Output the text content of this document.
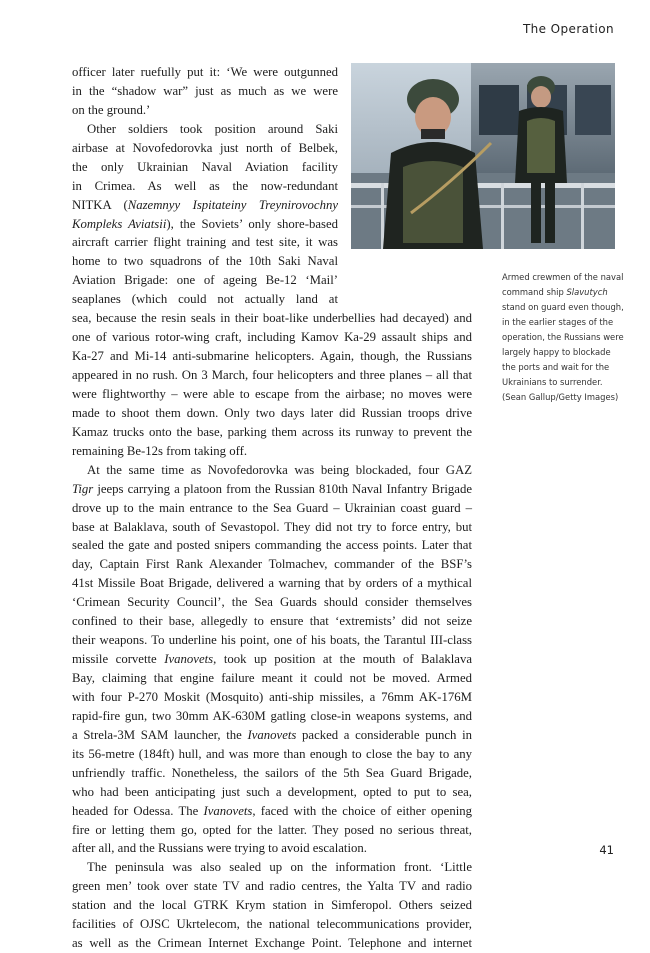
The Operation
Armed crewmen of the naval
command ship Slavutych
stand on guard even though,
in the earlier stages of the
operation, the Russians were
largely happy to blockade
the ports and wait for the
Ukrainians to surrender.
(Sean Gallup/Getty Images)
officer later ruefully put it: ‘We were outgunned
in the “shadow war” just as much as we were
on the ground.’
Other soldiers took position around Saki
airbase at Novofedorovka just north of Belbek,
the only Ukrainian Naval Aviation facility
in Crimea. As well as the now-redundant
NITKA (Nazemnyy Ispitateiny Treynirovochny
Kompleks Aviatsii), the Soviets’ only shore-based
aircraft carrier flight training and test site, it was
home to two squadrons of the 10th Saki Naval
Aviation Brigade: one of ageing Be-12 ‘Mail’
seaplanes (which could not actually land at
sea, because the resin seals in their boat-like underbellies had decayed) and
one of various rotor-wing craft, including Kamov Ka-29 assault ships and
Ka-27 and Mi-14 anti-submarine helicopters. Again, though, the Russians
appeared in no rush. On 3 March, four helicopters and three planes – all that
were flightworthy – were able to escape from the airbase; no moves were
made to shoot them down. Only two days later did Russian troops drive
Kamaz trucks onto the base, parking them across its runway to prevent the
remaining Be-12s from taking off.
At the same time as Novofedorovka was being blockaded, four GAZ
Tigr jeeps carrying a platoon from the Russian 810th Naval Infantry Brigade
drove up to the main entrance to the Sea Guard – Ukrainian coast guard –
base at Balaklava, south of Sevastopol. They did not try to force entry, but
sealed the gate and posted snipers commanding the access points. Later that
day, Captain First Rank Alexander Tolmachev, commander of the BSF’s
41st Missile Boat Brigade, delivered a warning that by orders of a mythical
‘Crimean Security Council’, the Sea Guards should consider themselves
confined to their base, allegedly to ensure that ‘extremists’ did not seize
their weapons. To underline his point, one of his boats, the Tarantul III-class
missile corvette Ivanovets, took up position at the mouth of Balaklava
Bay, claiming that engine failure meant it could not be moved. Armed
with four P-270 Moskit (Mosquito) anti-ship missiles, a 76mm AK-176M
rapid-fire gun, two 30mm AK-630M gatling close-in weapons systems, and
a Strela-3M SAM launcher, the Ivanovets packed a considerable punch in
its 56-metre (184ft) hull, and was more than enough to close the bay to any
unfriendly traffic. Nonetheless, the sailors of the 5th Sea Guard Brigade,
who had been anticipating just such a development, opted to put to sea,
headed for Odessa. The Ivanovets, faced with the choice of either opening
fire or letting them go, opted for the latter. They posed no serious threat,
after all, and the Russians were trying to avoid escalation.
The peninsula was also sealed up on the information front. ‘Little
green men’ took over state TV and radio centres, the Yalta TV and radio
station and the local GTRK Krym station in Simferopol. Others seized
facilities of OJSC Ukrtelecom, the national telecommunications provider,
as well as the Crimean Internet Exchange Point. Telephone and internet
41
